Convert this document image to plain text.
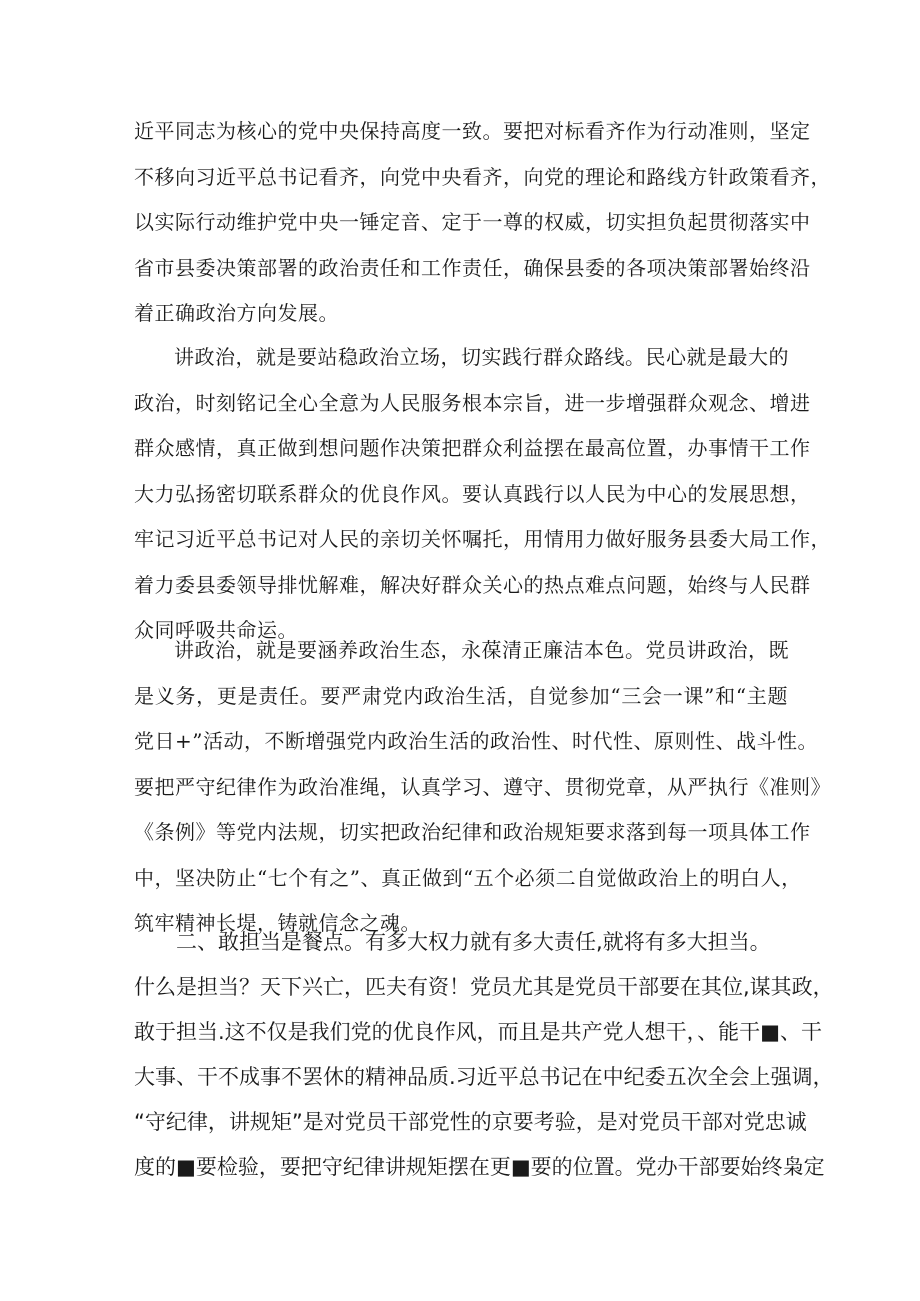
近平同志为核心的党中央保持高度一致。要把对标看齐作为行动准则，坚定
不移向习近平总书记看齐，向党中央看齐，向党的理论和路线方针政策看齐，
以实际行动维护党中央一锤定音、定于一尊的权威，切实担负起贯彻落实中
省市县委决策部署的政治责任和工作责任，确保县委的各项决策部署始终沿
着正确政治方向发展。
讲政治，就是要站稳政治立场，切实践行群众路线。民心就是最大的
政治，时刻铭记全心全意为人民服务根本宗旨，进一步增强群众观念、增进
群众感情，真正做到想问题作决策把群众利益摆在最高位置，办事情干工作
大力弘扬密切联系群众的优良作风。要认真践行以人民为中心的发展思想，
牢记习近平总书记对人民的亲切关怀嘱托，用情用力做好服务县委大局工作，
着力委县委领导排忧解难，解决好群众关心的热点难点问题，始终与人民群
众同呼吸共命运。
讲政治，就是要涵养政治生态，永葆清正廉洁本色。党员讲政治，既
是义务，更是责任。要严肃党内政治生活，自觉参加“三会一课”和“主题
党日+”活动，不断增强党内政治生活的政治性、时代性、原则性、战斗性。
要把严守纪律作为政治准绳，认真学习、遵守、贯彻党章，从严执行《准则》
《条例》等党内法规，切实把政治纪律和政治规矩要求落到每一项具体工作
中，坚决防止“七个有之”、真正做到“五个必须二自觉做政治上的明白人，
筑牢精神长堤，铸就信念之魂。
二、敢担当是餐点。有多大权力就有多大责任,就将有多大担当。
什么是担当？天下兴亡，匹夫有资！党员尤其是党员干部要在其位,谋其政，
敢于担当.这不仅是我们党的优良作风，而且是共产党人想干，、能干■、干
大事、干不成事不罢休的精神品质.习近平总书记在中纪委五次全会上强调，
“守纪律，讲规矩”是对党员干部党性的京要考验，是对党员干部对党忠诚
度的■要检验，要把守纪律讲规矩摆在更■要的位置。党办干部要始终枭定
